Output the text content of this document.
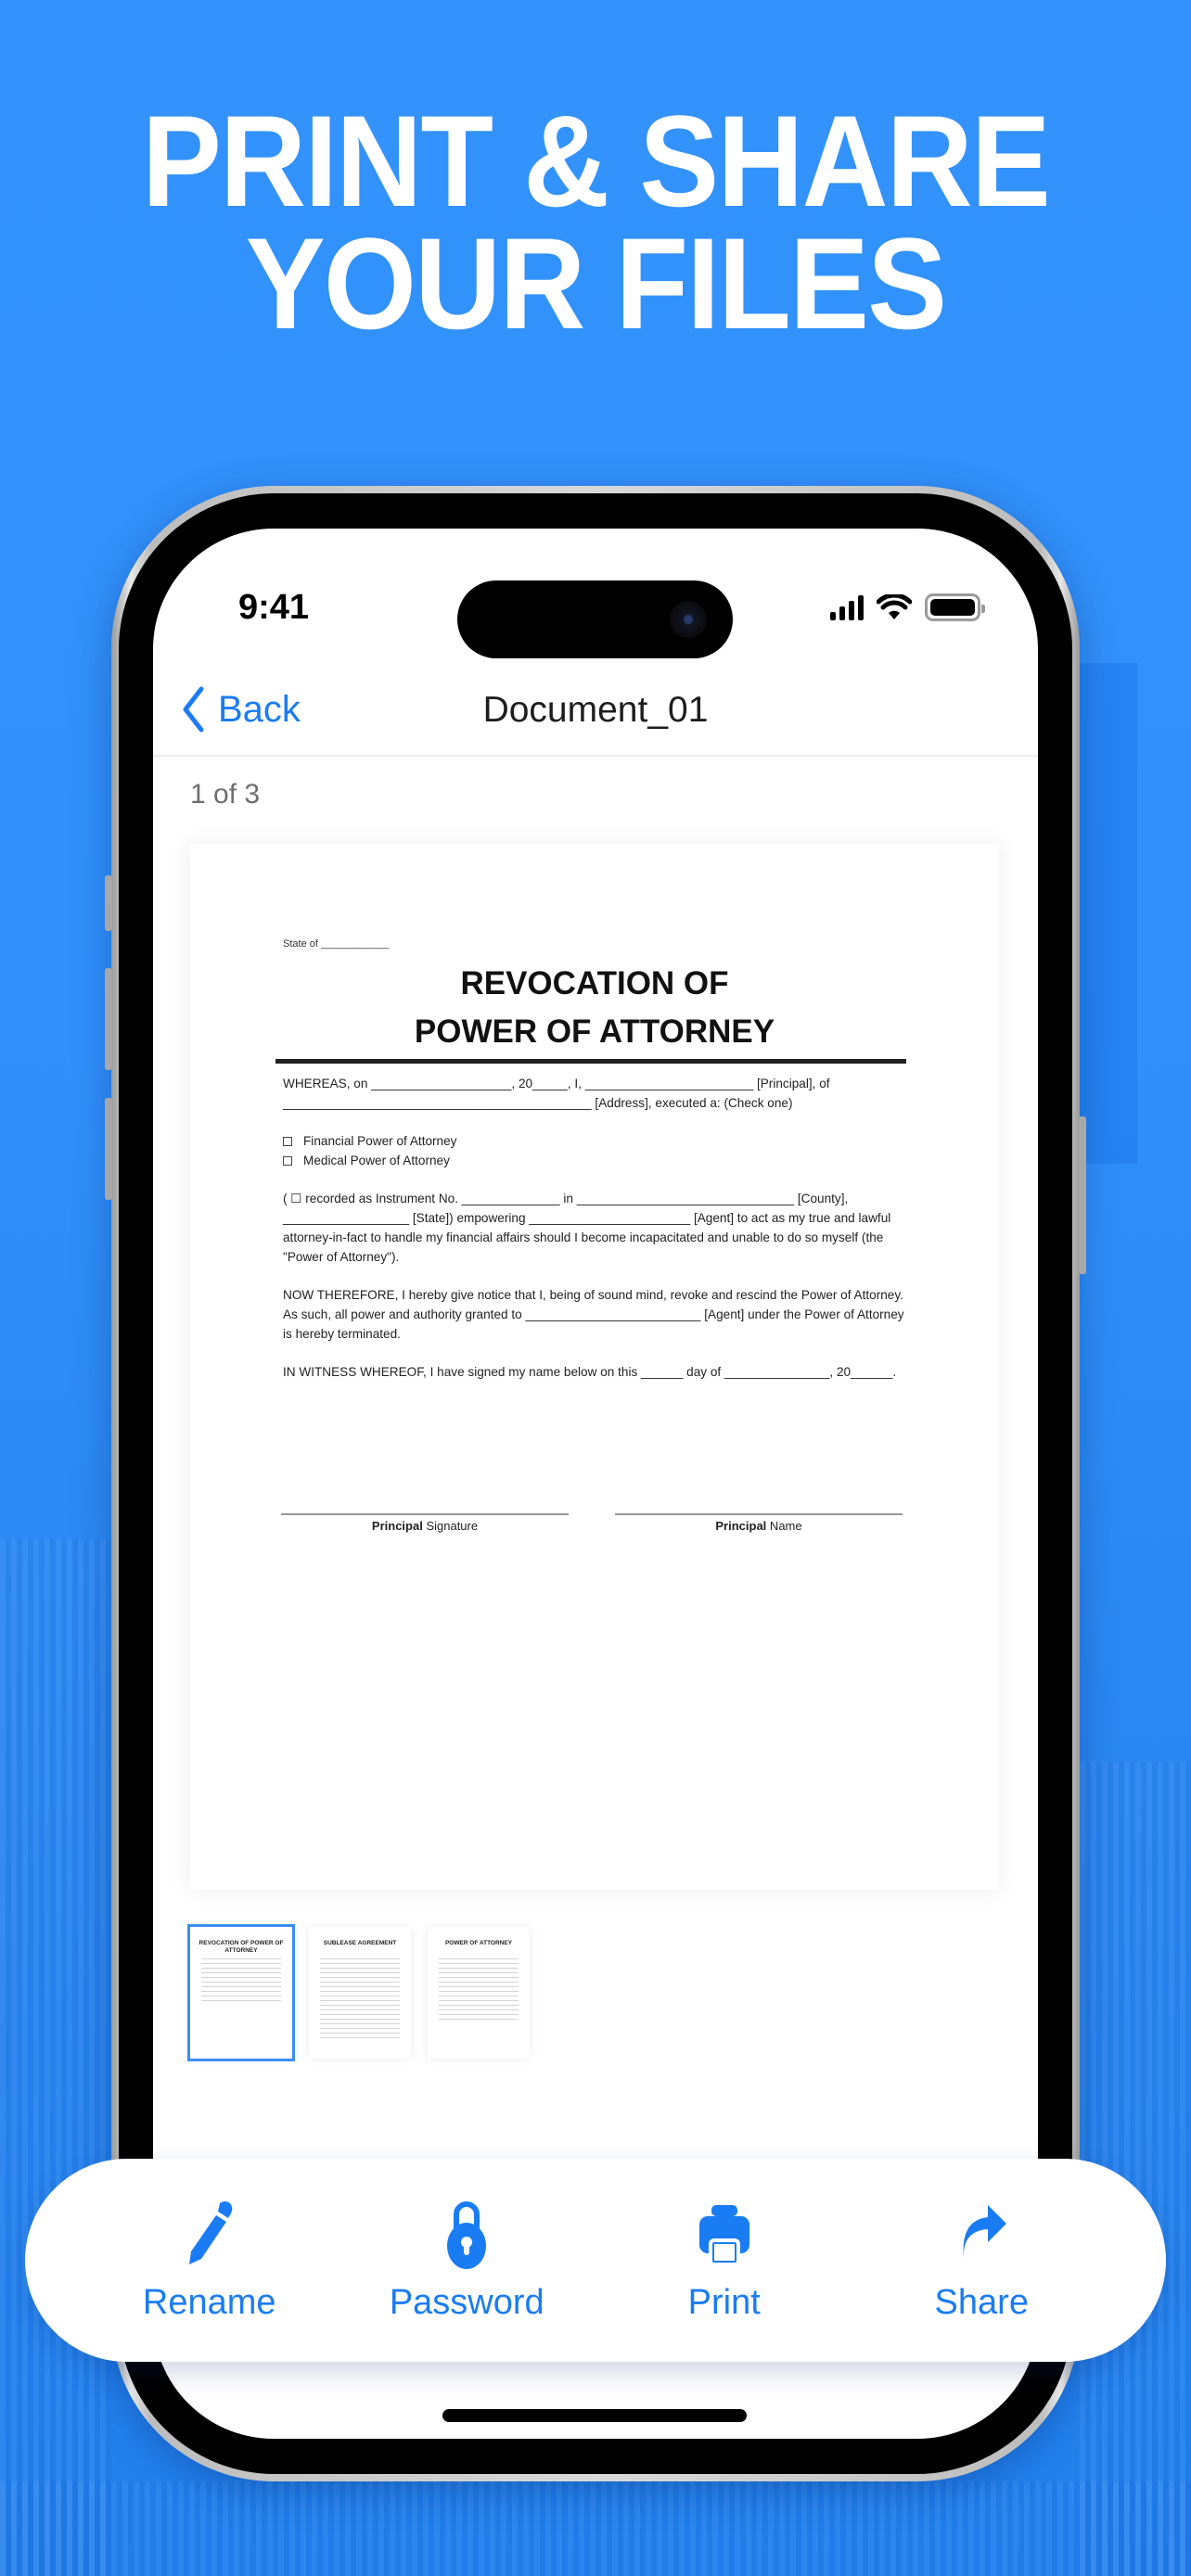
PRINT & SHARE
YOUR FILES
9:41
Back	Document_01
1 of 3
State of ____________
REVOCATION OF
POWER OF ATTORNEY

WHEREAS, on ____________________, 20_____, I, ________________________ [Principal], of ____________________________________________ [Address], executed a: (Check one)

Financial Power of Attorney
Medical Power of Attorney

( ☐ recorded as Instrument No. ______________ in _______________________________ [County], __________________ [State]) empowering _______________________ [Agent] to act as my true and lawful attorney-in-fact to handle my financial affairs should I become incapacitated and unable to do so myself (the "Power of Attorney").

NOW THEREFORE, I hereby give notice that I, being of sound mind, revoke and rescind the Power of Attorney. As such, all power and authority granted to _________________________ [Agent] under the Power of Attorney is hereby terminated.

IN WITNESS WHEREOF, I have signed my name below on this ______ day of _______________, 20______.

Principal Signature	Principal Name
REVOCATION OF POWER OF ATTORNEY
SUBLEASE AGREEMENT	POWER OF ATTORNEY
Rename	Password	Print	Share
